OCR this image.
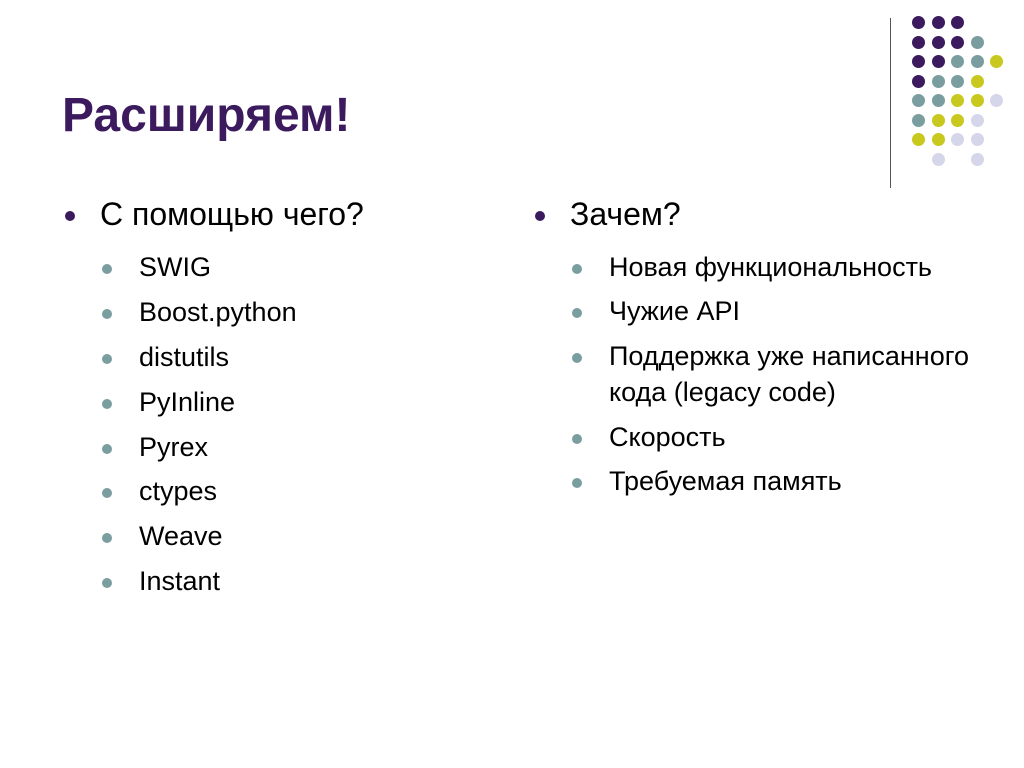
Расширяем!
С помощью чего?
SWIG
Boost.python
distutils
PyInline
Pyrex
ctypes
Weave
Instant
Зачем?
Новая функциональность
Чужие API
Поддержка уже написанного кода (legacy code)
Скорость
Требуемая память
